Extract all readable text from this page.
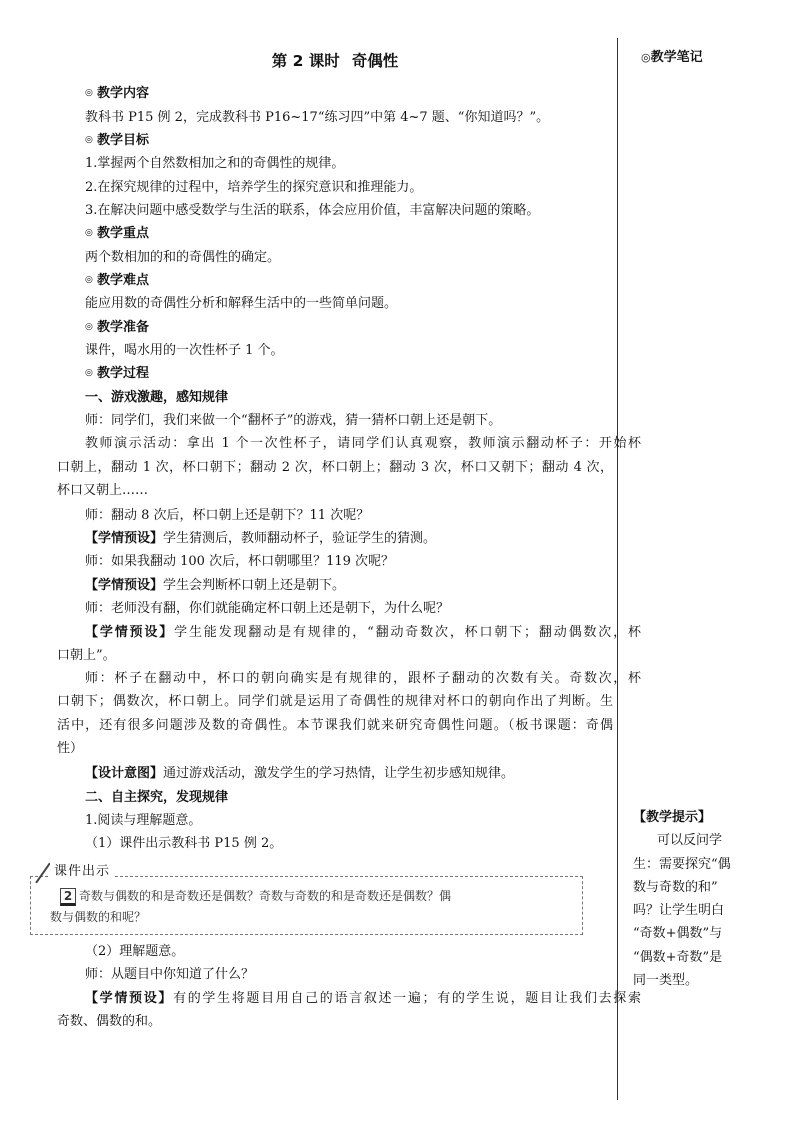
第 2 课时 奇偶性
◎ 教学内容
教科书 P15 例 2，完成教科书 P16~17“练习四”中第 4~7 题、“你知道吗？”。
◎ 教学目标
1.掌握两个自然数相加之和的奇偶性的规律。
2.在探究规律的过程中，培养学生的探究意识和推理能力。
3.在解决问题中感受数学与生活的联系，体会应用价值，丰富解决问题的策略。
◎ 教学重点
两个数相加的和的奇偶性的确定。
◎ 教学难点
能应用数的奇偶性分析和解释生活中的一些简单问题。
◎ 教学准备
课件，喝水用的一次性杯子 1 个。
◎ 教学过程
一、游戏激趣，感知规律
师：同学们，我们来做一个“翻杯子”的游戏，猜一猜杯口朝上还是朝下。
教师演示活动：拿出 1 个一次性杯子，请同学们认真观察，教师演示翻动杯子：开始杯
口朝上，翻动 1 次，杯口朝下；翻动 2 次，杯口朝上；翻动 3 次，杯口又朝下；翻动 4 次，
杯口又朝上……
师：翻动 8 次后，杯口朝上还是朝下？11 次呢？
【学情预设】学生猜测后，教师翻动杯子，验证学生的猜测。
师：如果我翻动 100 次后，杯口朝哪里？119 次呢？
【学情预设】学生会判断杯口朝上还是朝下。
师：老师没有翻，你们就能确定杯口朝上还是朝下，为什么呢？
【学情预设】学生能发现翻动是有规律的，“翻动奇数次，杯口朝下；翻动偶数次，杯
口朝上”。
师：杯子在翻动中，杯口的朝向确实是有规律的，跟杯子翻动的次数有关。奇数次，杯
口朝下；偶数次，杯口朝上。同学们就是运用了奇偶性的规律对杯口的朝向作出了判断。生
活中，还有很多问题涉及数的奇偶性。本节课我们就来研究奇偶性问题。（板书课题：奇偶
性）
【设计意图】通过游戏活动，激发学生的学习热情，让学生初步感知规律。
二、自主探究，发现规律
1.阅读与理解题意。
（1）课件出示教科书 P15 例 2。
（2）理解题意。
师：从题目中你知道了什么？
【学情预设】有的学生将题目用自己的语言叙述一遍；有的学生说，题目让我们去探索
奇数、偶数的和。
课件出示
2 奇数与偶数的和是奇数还是偶数？奇数与奇数的和是奇数还是偶数？偶
数与偶数的和呢？
◎教学笔记
【教学提示】
可以反问学
生：需要探究“偶
数与奇数的和”
吗？让学生明白
“奇数+偶数”与
“偶数+奇数”是
同一类型。
